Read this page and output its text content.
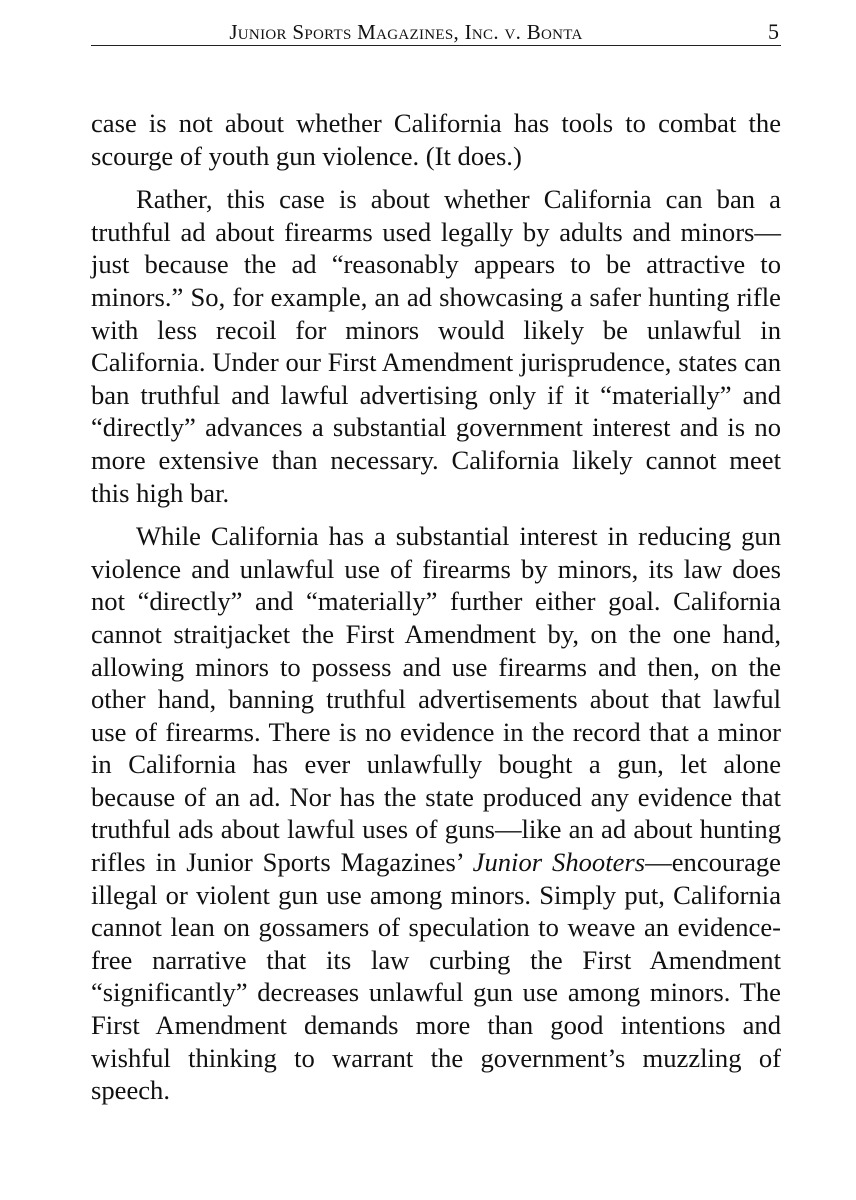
Junior Sports Magazines, Inc. v. Bonta	5

case is not about whether California has tools to combat the scourge of youth gun violence. (It does.)

Rather, this case is about whether California can ban a truthful ad about firearms used legally by adults and minors—just because the ad “reasonably appears to be attractive to minors.” So, for example, an ad showcasing a safer hunting rifle with less recoil for minors would likely be unlawful in California. Under our First Amendment jurisprudence, states can ban truthful and lawful advertising only if it “materially” and “directly” advances a substantial government interest and is no more extensive than necessary. California likely cannot meet this high bar.

While California has a substantial interest in reducing gun violence and unlawful use of firearms by minors, its law does not “directly” and “materially” further either goal. California cannot straitjacket the First Amendment by, on the one hand, allowing minors to possess and use firearms and then, on the other hand, banning truthful advertisements about that lawful use of firearms. There is no evidence in the record that a minor in California has ever unlawfully bought a gun, let alone because of an ad. Nor has the state produced any evidence that truthful ads about lawful uses of guns—like an ad about hunting rifles in Junior Sports Magazines’ Junior Shooters—encourage illegal or violent gun use among minors. Simply put, California cannot lean on gossamers of speculation to weave an evidence-free narrative that its law curbing the First Amendment “significantly” decreases unlawful gun use among minors. The First Amendment demands more than good intentions and wishful thinking to warrant the government’s muzzling of speech.
